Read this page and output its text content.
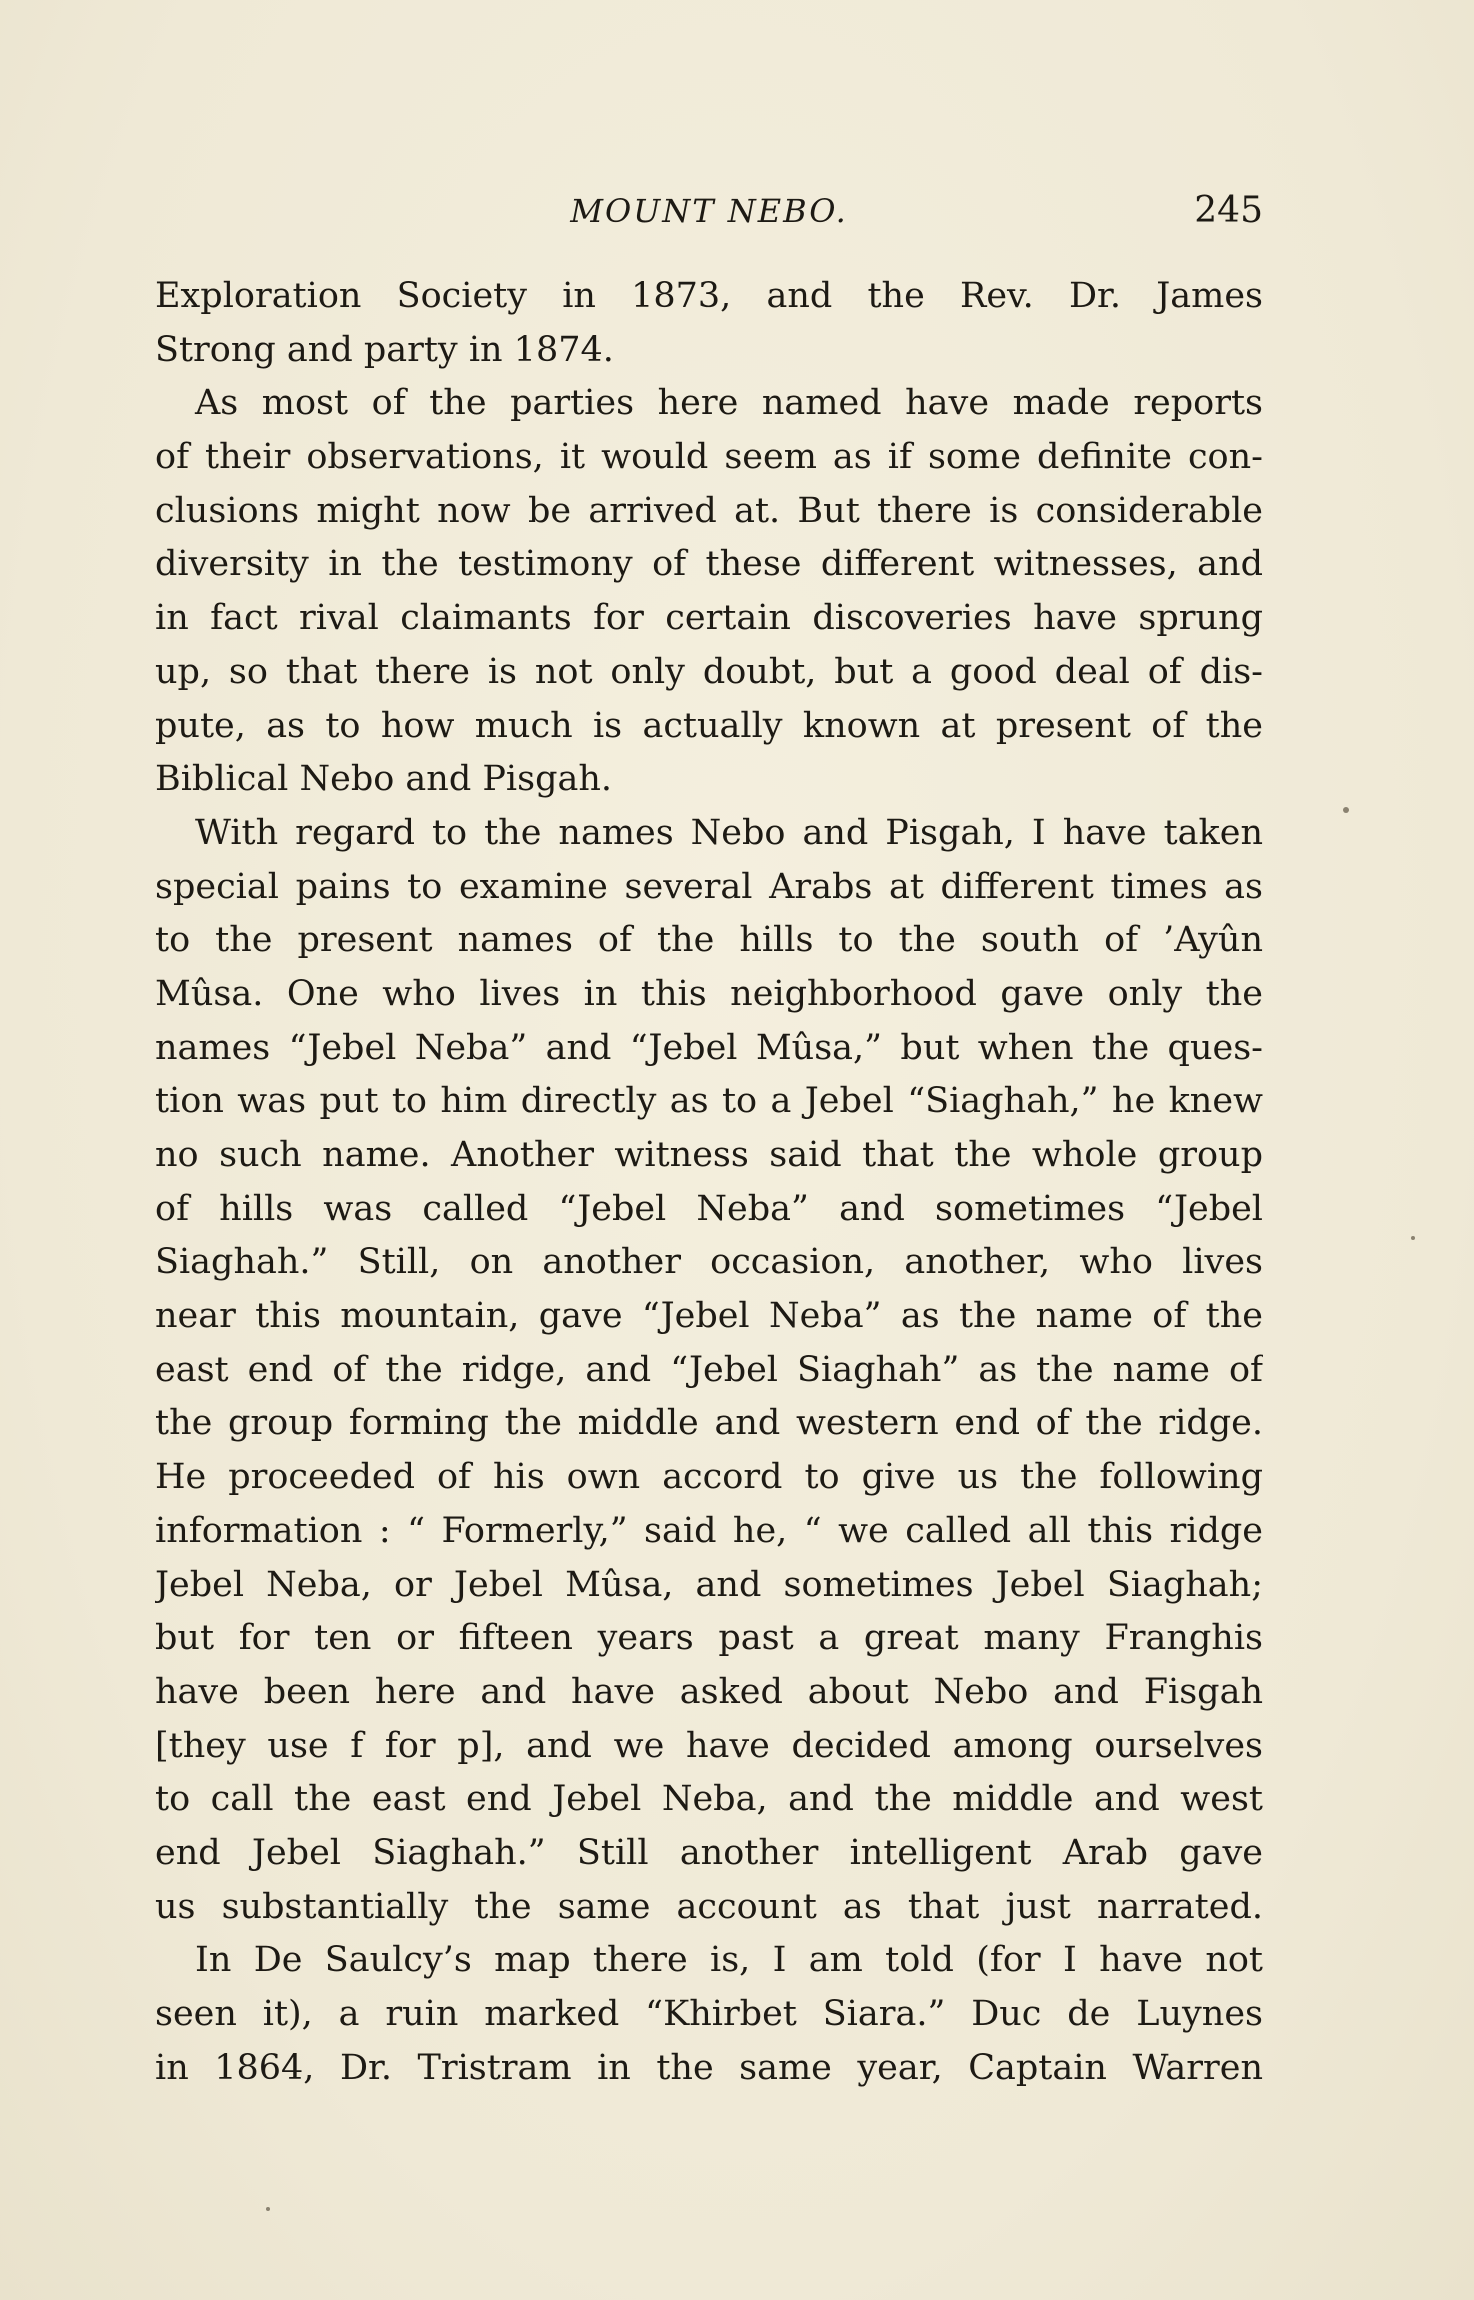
MOUNT NEBO.	245
Exploration Society in 1873, and the Rev. Dr. James
Strong and party in 1874.
As most of the parties here named have made reports
of their observations, it would seem as if some definite con-
clusions might now be arrived at. But there is considerable
diversity in the testimony of these different witnesses, and
in fact rival claimants for certain discoveries have sprung
up, so that there is not only doubt, but a good deal of dis-
pute, as to how much is actually known at present of the
Biblical Nebo and Pisgah.
With regard to the names Nebo and Pisgah, I have taken
special pains to examine several Arabs at different times as
to the present names of the hills to the south of ’Ayûn
Mûsa. One who lives in this neighborhood gave only the
names “Jebel Neba” and “Jebel Mûsa,” but when the ques-
tion was put to him directly as to a Jebel “Siaghah,” he knew
no such name. Another witness said that the whole group
of hills was called “Jebel Neba” and sometimes “Jebel
Siaghah.” Still, on another occasion, another, who lives
near this mountain, gave “Jebel Neba” as the name of the
east end of the ridge, and “Jebel Siaghah” as the name of
the group forming the middle and western end of the ridge.
He proceeded of his own accord to give us the following
information : “ Formerly,” said he, “ we called all this ridge
Jebel Neba, or Jebel Mûsa, and sometimes Jebel Siaghah;
but for ten or fifteen years past a great many Franghis
have been here and have asked about Nebo and Fisgah
[they use f for p], and we have decided among ourselves
to call the east end Jebel Neba, and the middle and west
end Jebel Siaghah.” Still another intelligent Arab gave
us substantially the same account as that just narrated.
In De Saulcy’s map there is, I am told (for I have not
seen it), a ruin marked “Khirbet Siara.” Duc de Luynes
in 1864, Dr. Tristram in the same year, Captain Warren
